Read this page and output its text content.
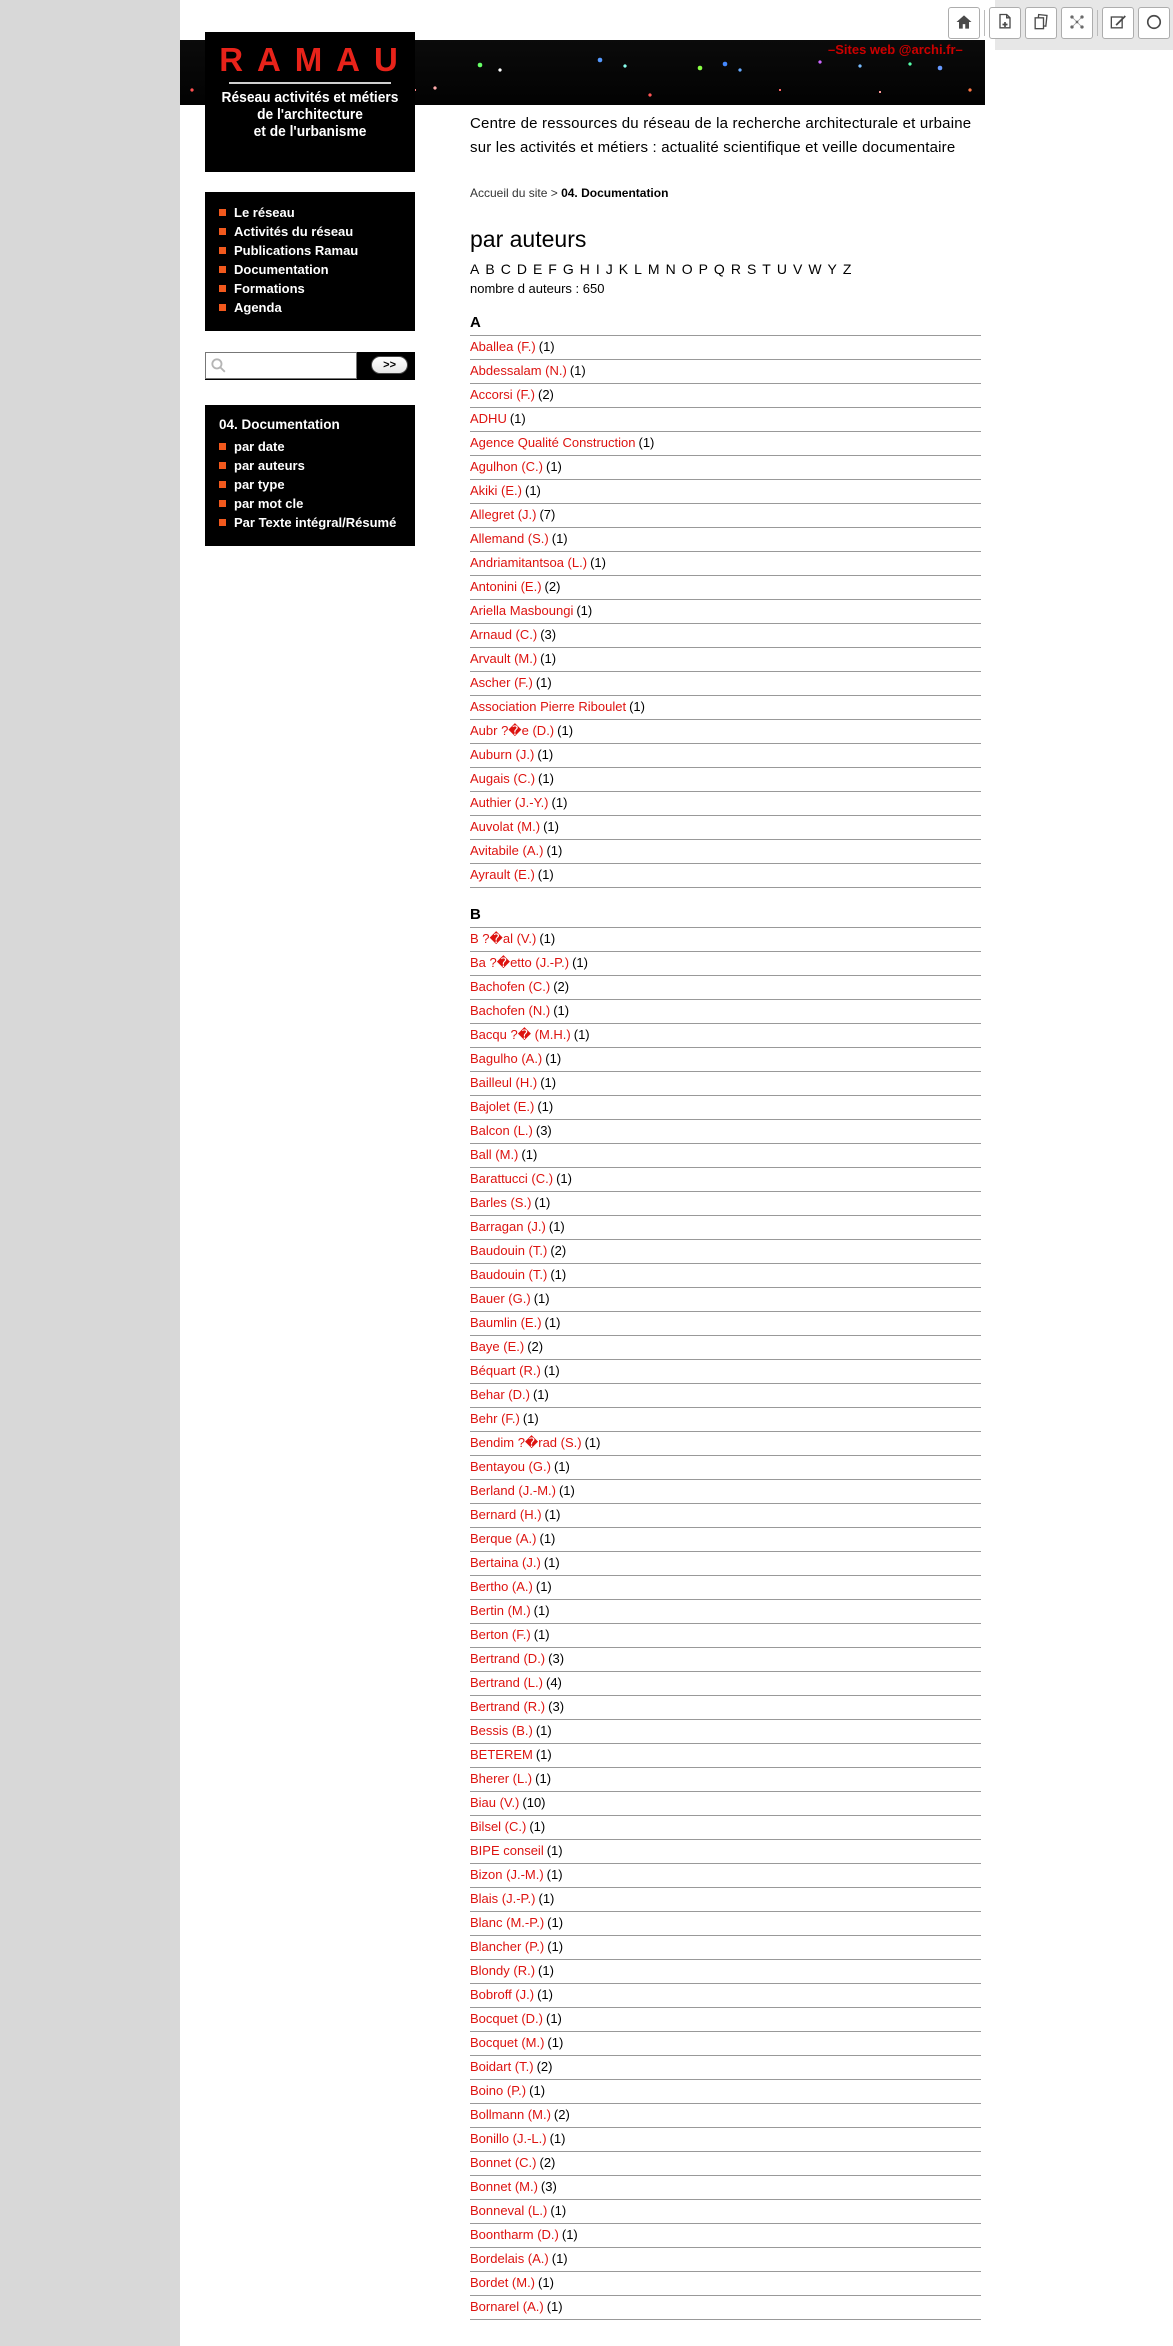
–Sites web @archi.fr–
R A M A U
Réseau activités et métiers
de l'architecture
et de l'urbanisme	Centre de ressources du réseau de la recherche architecturale et urbaine
sur les activités et métiers : actualité scientifique et veille documentaire
Le réseau
Activités du réseau
Publications Ramau
Documentation
Formations
Agenda
>>
04. Documentation
par date
par auteurs
par type
par mot cle
Par Texte intégral/Résumé
Accueil du site > 04. Documentation
par auteurs
A B C D E F G H I J K L M N O P Q R S T U V W Y Z
nombre d auteurs : 650
A
Aballea (F.) (1)
Abdessalam (N.) (1)
Accorsi (F.) (2)
ADHU (1)
Agence Qualité Construction (1)
Agulhon (C.) (1)
Akiki (E.) (1)
Allegret (J.) (7)
Allemand (S.) (1)
Andriamitantsoa (L.) (1)
Antonini (E.) (2)
Ariella Masboungi (1)
Arnaud (C.) (3)
Arvault (M.) (1)
Ascher (F.) (1)
Association Pierre Riboulet (1)
Aubr ?�e (D.) (1)
Auburn (J.) (1)
Augais (C.) (1)
Authier (J.-Y.) (1)
Auvolat (M.) (1)
Avitabile (A.) (1)
Ayrault (E.) (1)
B
B ?�al (V.) (1)
Ba ?�etto (J.-P.) (1)
Bachofen (C.) (2)
Bachofen (N.) (1)
Bacqu ?� (M.H.) (1)
Bagulho (A.) (1)
Bailleul (H.) (1)
Bajolet (E.) (1)
Balcon (L.) (3)
Ball (M.) (1)
Barattucci (C.) (1)
Barles (S.) (1)
Barragan (J.) (1)
Baudouin (T.) (2)
Baudouin (T.) (1)
Bauer (G.) (1)
Baumlin (E.) (1)
Baye (E.) (2)
Béquart (R.) (1)
Behar (D.) (1)
Behr (F.) (1)
Bendim ?�rad (S.) (1)
Bentayou (G.) (1)
Berland (J.-M.) (1)
Bernard (H.) (1)
Berque (A.) (1)
Bertaina (J.) (1)
Bertho (A.) (1)
Bertin (M.) (1)
Berton (F.) (1)
Bertrand (D.) (3)
Bertrand (L.) (4)
Bertrand (R.) (3)
Bessis (B.) (1)
BETEREM (1)
Bherer (L.) (1)
Biau (V.) (10)
Bilsel (C.) (1)
BIPE conseil (1)
Bizon (J.-M.) (1)
Blais (J.-P.) (1)
Blanc (M.-P.) (1)
Blancher (P.) (1)
Blondy (R.) (1)
Bobroff (J.) (1)
Bocquet (D.) (1)
Bocquet (M.) (1)
Boidart (T.) (2)
Boino (P.) (1)
Bollmann (M.) (2)
Bonillo (J.-L.) (1)
Bonnet (C.) (2)
Bonnet (M.) (3)
Bonneval (L.) (1)
Boontharm (D.) (1)
Bordelais (A.) (1)
Bordet (M.) (1)
Bornarel (A.) (1)
